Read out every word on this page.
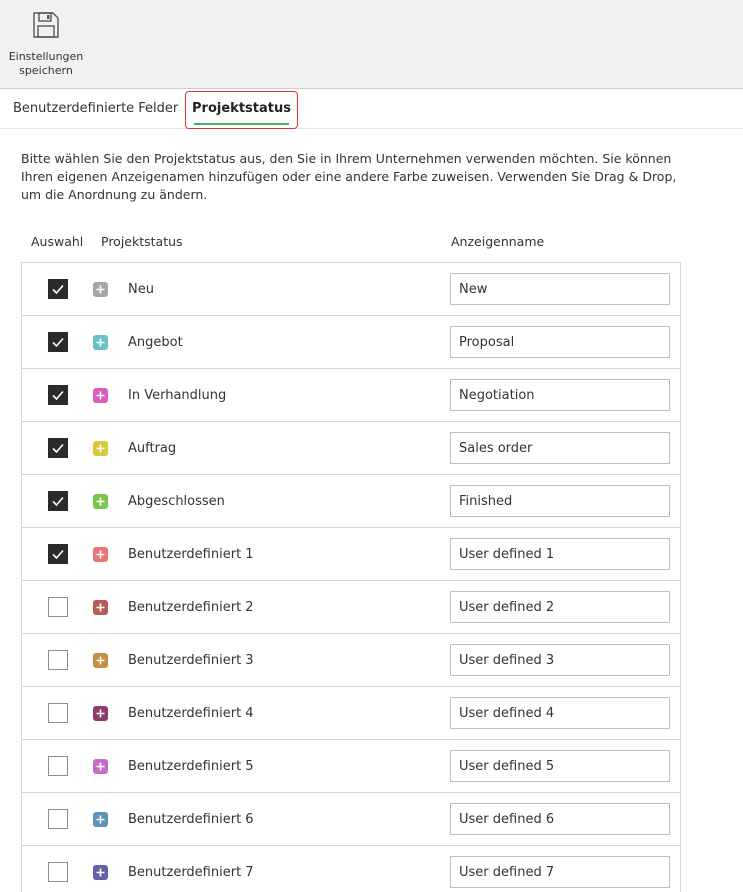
Einstellungen
speichern
Benutzerdefinierte Felder	Projektstatus

Bitte wählen Sie den Projektstatus aus, den Sie in Ihrem Unternehmen verwenden möchten. Sie können Ihren eigenen Anzeigenamen hinzufügen oder eine andere Farbe zuweisen. Verwenden Sie Drag & Drop, um die Anordnung zu ändern.

Auswahl Projektstatus	Anzeigenname
Neu
New
Angebot
Proposal
In Verhandlung
Negotiation
Auftrag
Sales order
Abgeschlossen
Finished
Benutzerdefiniert 1
User defined 1
Benutzerdefiniert 2
User defined 2
Benutzerdefiniert 3
User defined 3
Benutzerdefiniert 4
User defined 4
Benutzerdefiniert 5
User defined 5
Benutzerdefiniert 6
User defined 6
Benutzerdefiniert 7
User defined 7
